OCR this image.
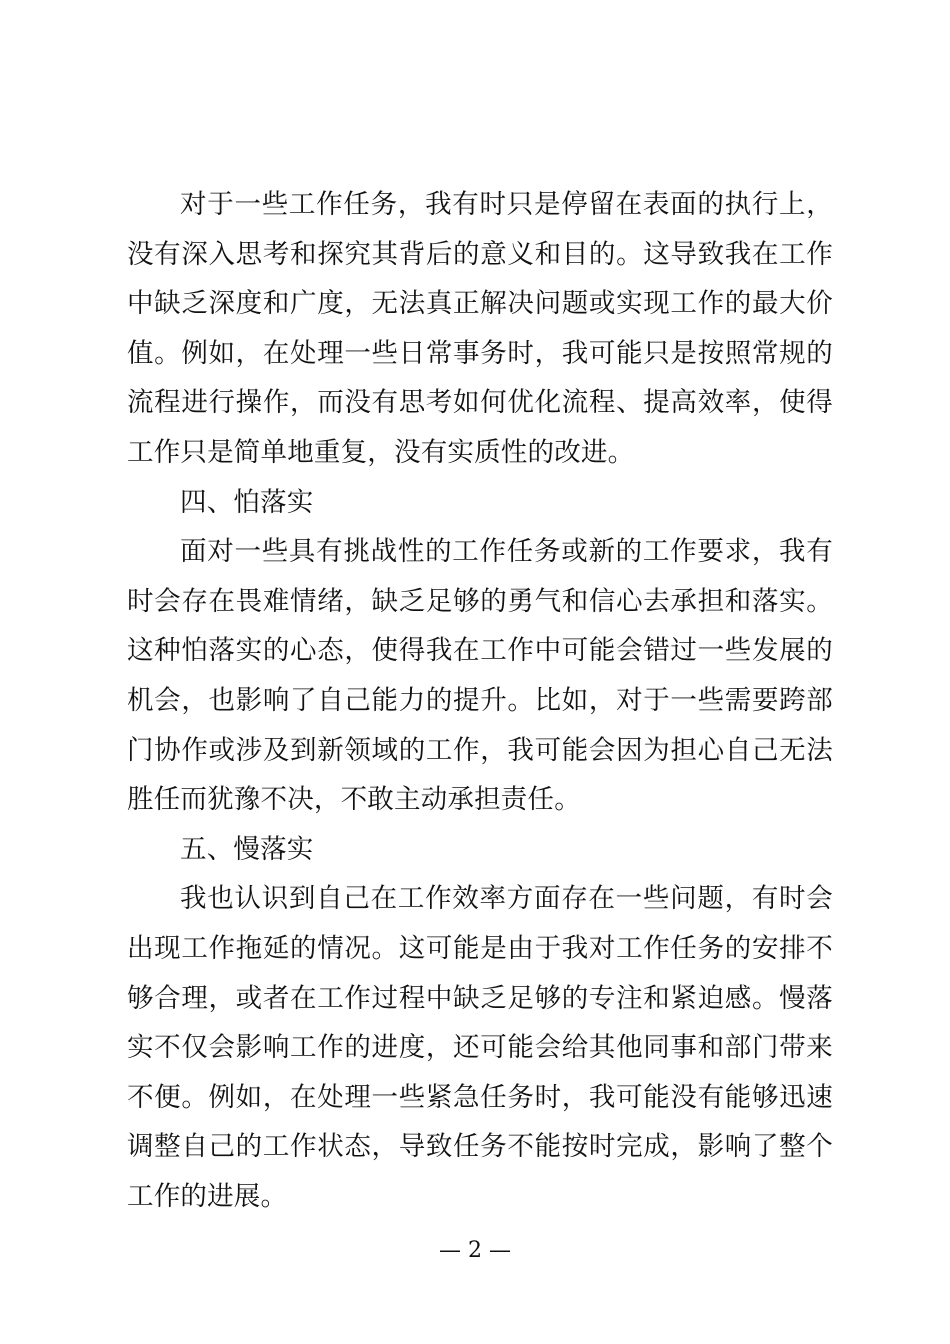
对于一些工作任务，我有时只是停留在表面的执行上，没有深入思考和探究其背后的意义和目的。这导致我在工作中缺乏深度和广度，无法真正解决问题或实现工作的最大价值。例如，在处理一些日常事务时，我可能只是按照常规的流程进行操作，而没有思考如何优化流程、提高效率，使得工作只是简单地重复，没有实质性的改进。

四、怕落实

面对一些具有挑战性的工作任务或新的工作要求，我有时会存在畏难情绪，缺乏足够的勇气和信心去承担和落实。这种怕落实的心态，使得我在工作中可能会错过一些发展的机会，也影响了自己能力的提升。比如，对于一些需要跨部门协作或涉及到新领域的工作，我可能会因为担心自己无法胜任而犹豫不决，不敢主动承担责任。

五、慢落实

我也认识到自己在工作效率方面存在一些问题，有时会出现工作拖延的情况。这可能是由于我对工作任务的安排不够合理，或者在工作过程中缺乏足够的专注和紧迫感。慢落实不仅会影响工作的进度，还可能会给其他同事和部门带来不便。例如，在处理一些紧急任务时，我可能没有能够迅速调整自己的工作状态，导致任务不能按时完成，影响了整个工作的进展。

— 2 —
